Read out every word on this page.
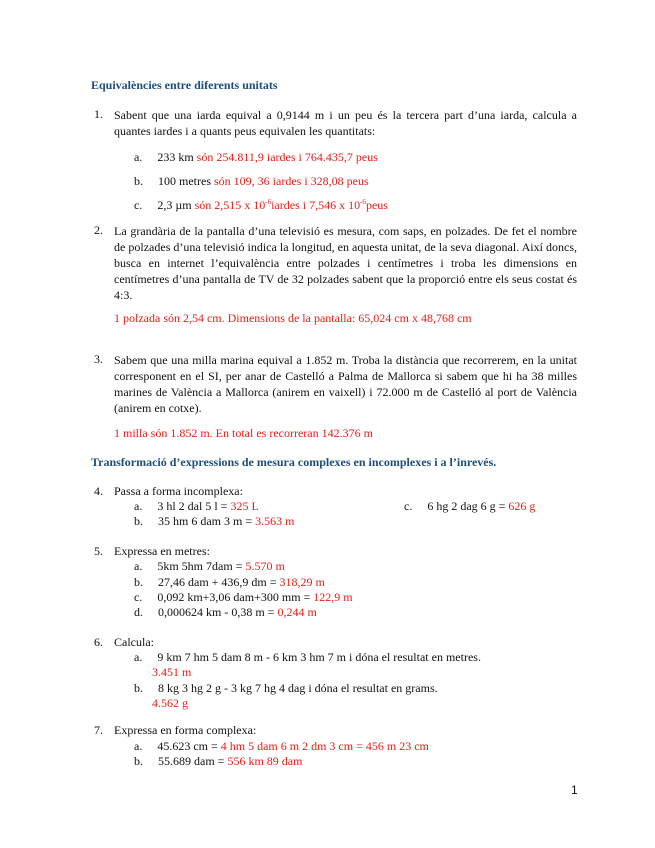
Equivalències entre diferents unitats
1. Sabent que una iarda equival a 0,9144 m i un peu és la tercera part d’una iarda, calcula a quantes iardes i a quants peus equivalen les quantitats:
a. 233 km són 254.811,9 iardes i 764.435,7 peus
b. 100 metres són 109, 36 iardes i 328,08 peus
c. 2,3 µm són 2,515 x $10^{-6}iardes$ i 7,546 x $10^{-6}peus$
2. La grandària de la pantalla d’una televisió es mesura, com saps, en polzades. De fet el nombre de polzades d’una televisió indica la longitud, en aquesta unitat, de la seva diagonal. Així doncs, busca en internet l’equivalència entre polzades i centímetres i troba les dimensions en centímetres d’una pantalla de TV de 32 polzades sabent que la proporció entre els seus costat és 4:3.
1 polzada són 2,54 cm. Dimensions de la pantalla: 65,024 cm x 48,768 cm
3. Sabem que una milla marina equival a 1.852 m. Troba la distància que recorrerem, en la unitat corresponent en el SI, per anar de Castelló a Palma de Mallorca si sabem que hi ha 38 milles marines de València a Mallorca (anirem en vaixell) i 72.000 m de Castelló al port de València (anirem en cotxe).
1 milla són 1.852 m. En total es recorreran 142.376 m
Transformació d’expressions de mesura complexes en incomplexes i a l’inrevés.
4. Passa a forma incomplexa:
a. 3 hl 2 dal 5 l = 325 L
b. 35 hm 6 dam 3 m = 3.563 m
c. 6 hg 2 dag 6 g = 626 g
5. Expressa en metres:
a. 5km 5hm 7dam = 5.570 m
b. 27,46 dam + 436,9 dm = 318,29 m
c. 0,092 km+3,06 dam+300 mm = 122,9 m
d. 0,000624 km - 0,38 m = 0,244 m
6. Calcula:
a. 9 km 7 hm 5 dam 8 m - 6 km 3 hm 7 m i dóna el resultat en metres.
3.451 m
b. 8 kg 3 hg 2 g - 3 kg 7 hg 4 dag i dóna el resultat en grams.
4.562 g
7. Expressa en forma complexa:
a. 45.623 cm = 4 hm 5 dam 6 m 2 dm 3 cm = 456 m 23 cm
b. 55.689 dam = 556 km 89 dam
1
